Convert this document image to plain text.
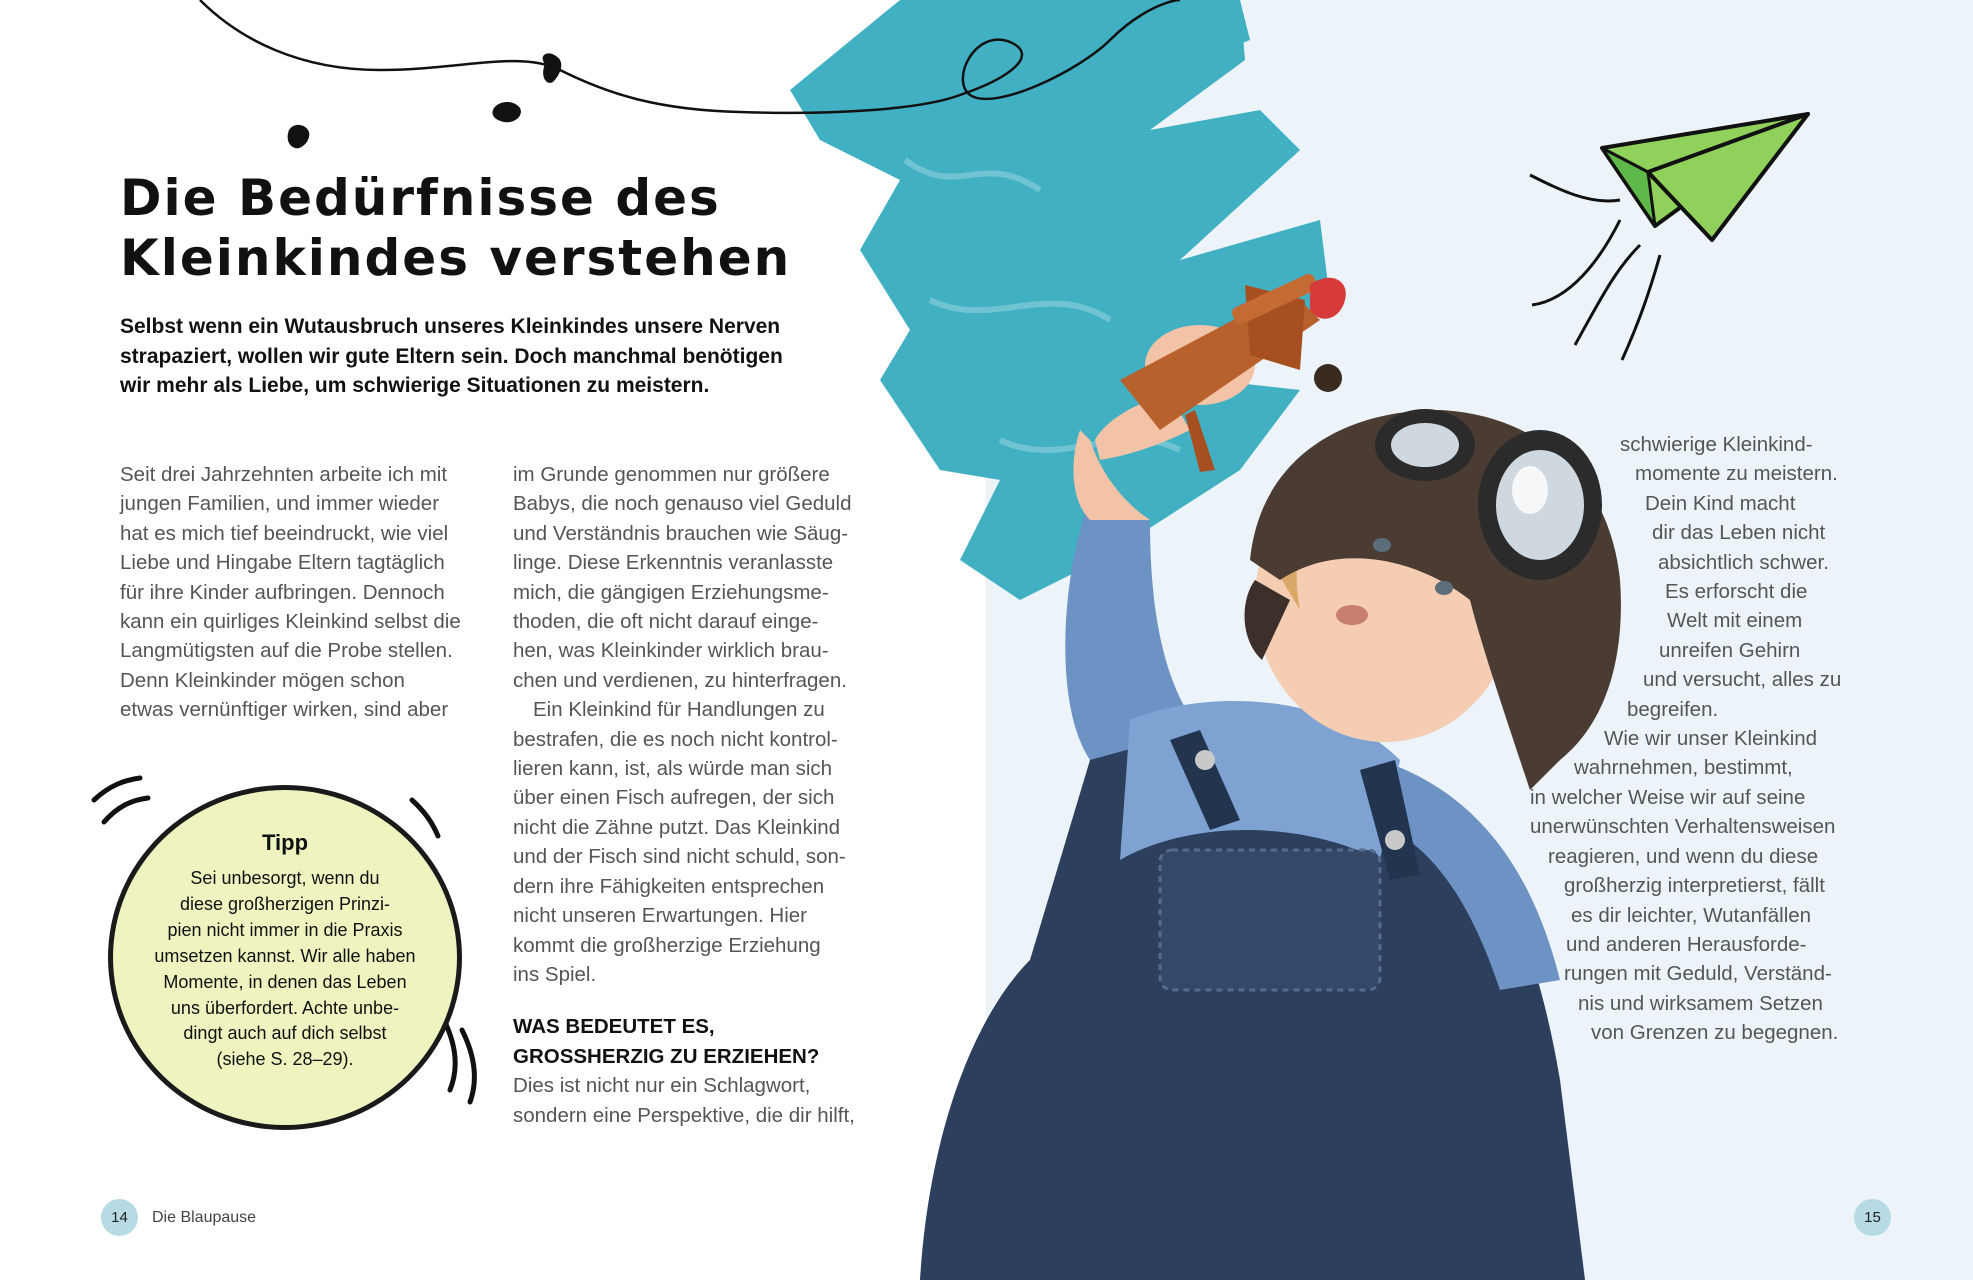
Die Bedürfnisse des
Kleinkindes verstehen
Selbst wenn ein Wutausbruch unseres Kleinkindes unsere Nerven
strapaziert, wollen wir gute Eltern sein. Doch manchmal benötigen
wir mehr als Liebe, um schwierige Situationen zu meistern.
Seit drei Jahrzehnten arbeite ich mit
jungen Familien, und immer wieder
hat es mich tief beeindruckt, wie viel
Liebe und Hingabe Eltern tagtäglich
für ihre Kinder aufbringen. Dennoch
kann ein quirliges Kleinkind selbst die
Langmütigsten auf die Probe stellen.
Denn Kleinkinder mögen schon
etwas vernünftiger wirken, sind aber
im Grunde genommen nur größere
Babys, die noch genauso viel Geduld
und Verständnis brauchen wie Säug-
linge. Diese Erkenntnis veranlasste
mich, die gängigen Erziehungsme-
thoden, die oft nicht darauf einge-
hen, was Kleinkinder wirklich brau-
chen und verdienen, zu hinterfragen.
Ein Kleinkind für Handlungen zu
bestrafen, die es noch nicht kontrol-
lieren kann, ist, als würde man sich
über einen Fisch aufregen, der sich
nicht die Zähne putzt. Das Kleinkind
und der Fisch sind nicht schuld, son-
dern ihre Fähigkeiten entsprechen
nicht unseren Erwartungen. Hier
kommt die großherzige Erziehung
ins Spiel.
WAS BEDEUTET ES,
GROSSHERZIG ZU ERZIEHEN?
Dies ist nicht nur ein Schlagwort,
sondern eine Perspektive, die dir hilft,
schwierige Kleinkind-
momente zu meistern.
Dein Kind macht
dir das Leben nicht
absichtlich schwer.
Es erforscht die
Welt mit einem
unreifen Gehirn
und versucht, alles zu
begreifen.
Wie wir unser Kleinkind
wahrnehmen, bestimmt,
in welcher Weise wir auf seine
unerwünschten Verhaltensweisen
reagieren, und wenn du diese
großherzig interpretierst, fällt
es dir leichter, Wutanfällen
und anderen Herausforde-
rungen mit Geduld, Verständ-
nis und wirksamem Setzen
von Grenzen zu begegnen.
Tipp
Sei unbesorgt, wenn du
diese großherzigen Prinzi-
pien nicht immer in die Praxis
umsetzen kannst. Wir alle haben
Momente, in denen das Leben
uns überfordert. Achte unbe-
dingt auch auf dich selbst
(siehe S. 28–29).
14	Die Blaupause	15
